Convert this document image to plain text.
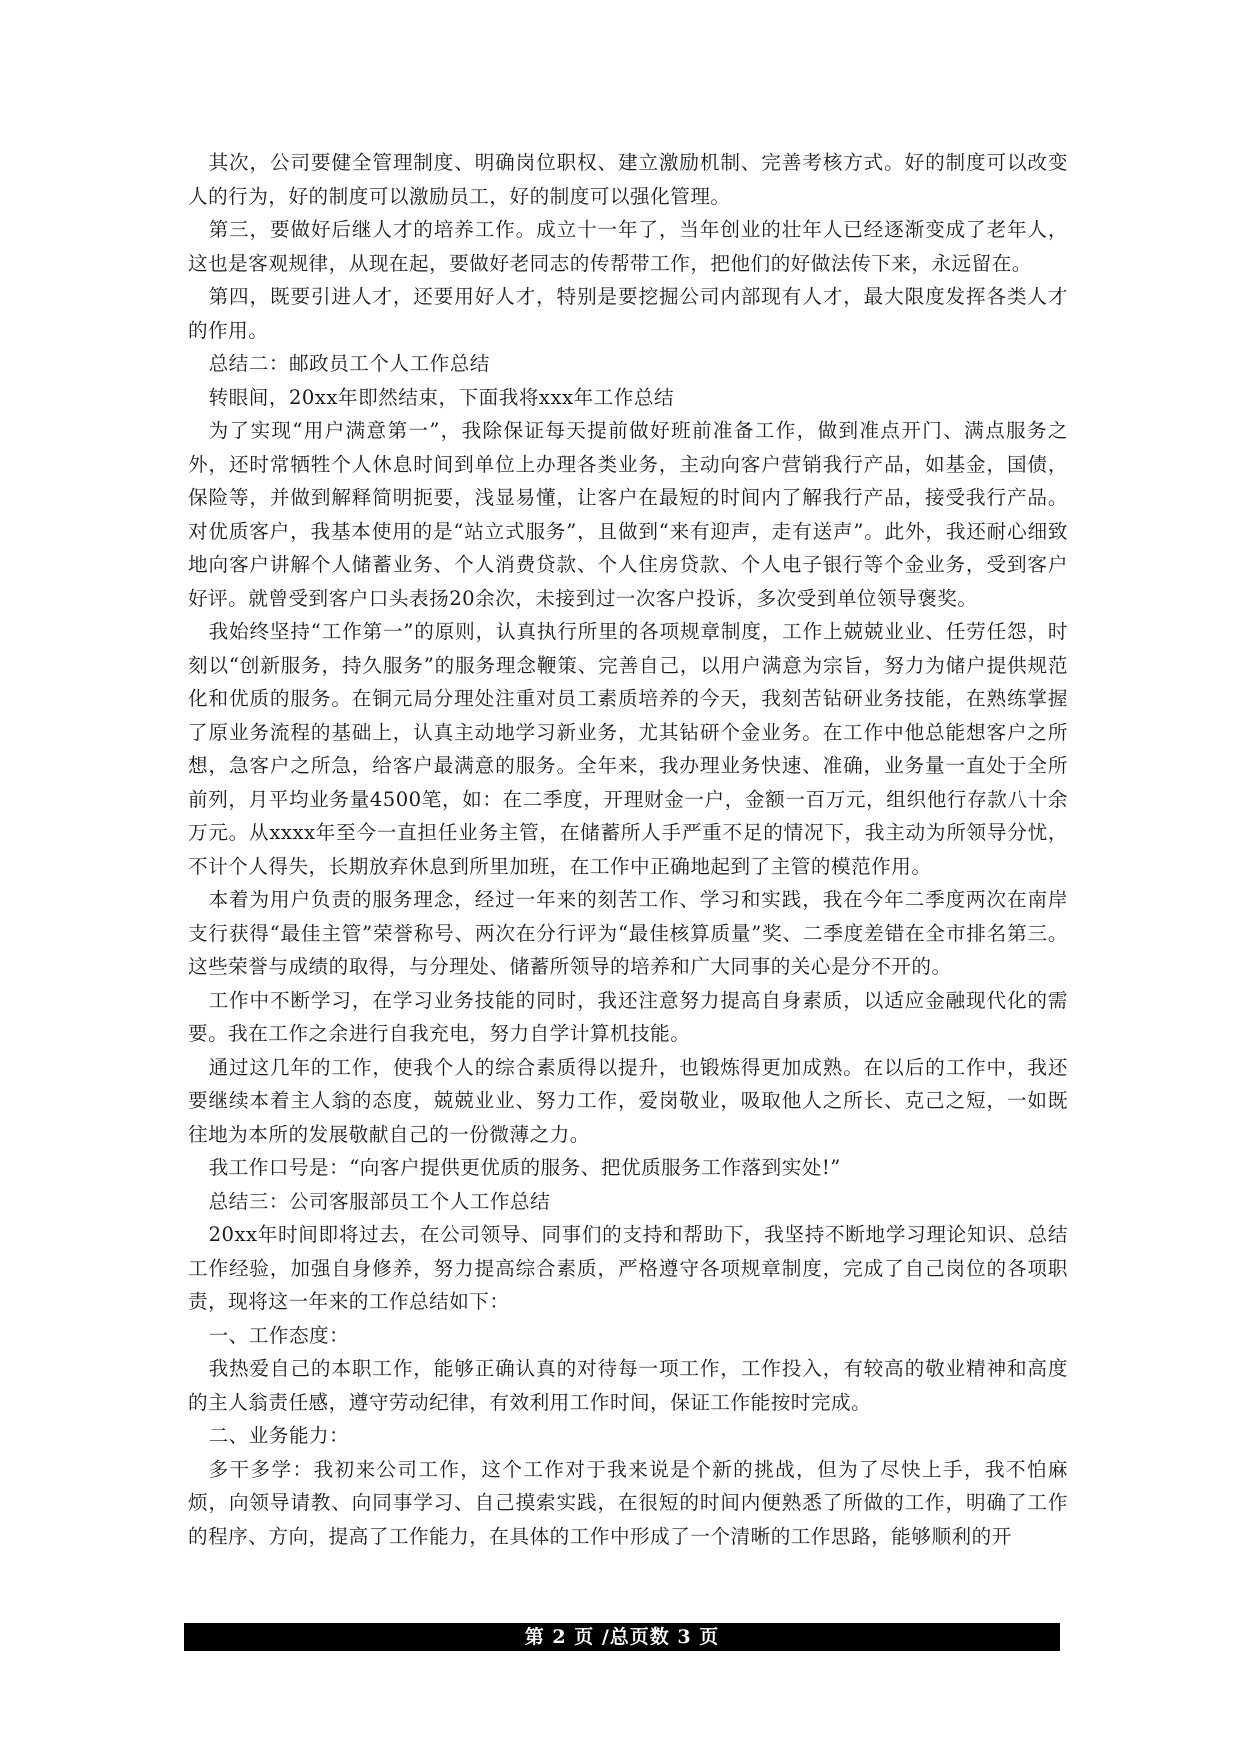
其次，公司要健全管理制度、明确岗位职权、建立激励机制、完善考核方式。好的制度可以改变人的行为，好的制度可以激励员工，好的制度可以强化管理。

第三，要做好后继人才的培养工作。成立十一年了，当年创业的壮年人已经逐渐变成了老年人，这也是客观规律，从现在起，要做好老同志的传帮带工作，把他们的好做法传下来，永远留在。

第四，既要引进人才，还要用好人才，特别是要挖掘公司内部现有人才，最大限度发挥各类人才的作用。

总结二：邮政员工个人工作总结

转眼间，20xx年即然结束，下面我将xxx年工作总结

为了实现“用户满意第一”，我除保证每天提前做好班前准备工作，做到准点开门、满点服务之外，还时常牺牲个人休息时间到单位上办理各类业务，主动向客户营销我行产品，如基金，国债，保险等，并做到解释简明扼要，浅显易懂，让客户在最短的时间内了解我行产品，接受我行产品。对优质客户，我基本使用的是“站立式服务”，且做到“来有迎声，走有送声”。此外，我还耐心细致地向客户讲解个人储蓄业务、个人消费贷款、个人住房贷款、个人电子银行等个金业务，受到客户好评。就曾受到客户口头表扬20余次，未接到过一次客户投诉，多次受到单位领导褒奖。

我始终坚持“工作第一”的原则，认真执行所里的各项规章制度，工作上兢兢业业、任劳任怨，时刻以“创新服务，持久服务”的服务理念鞭策、完善自己，以用户满意为宗旨，努力为储户提供规范化和优质的服务。在铜元局分理处注重对员工素质培养的今天，我刻苦钻研业务技能，在熟练掌握了原业务流程的基础上，认真主动地学习新业务，尤其钻研个金业务。在工作中他总能想客户之所想，急客户之所急，给客户最满意的服务。全年来，我办理业务快速、准确，业务量一直处于全所前列，月平均业务量4500笔，如：在二季度，开理财金一户，金额一百万元，组织他行存款八十余万元。从xxxx年至今一直担任业务主管，在储蓄所人手严重不足的情况下，我主动为所领导分忧，不计个人得失，长期放弃休息到所里加班，在工作中正确地起到了主管的模范作用。

本着为用户负责的服务理念，经过一年来的刻苦工作、学习和实践，我在今年二季度两次在南岸支行获得“最佳主管”荣誉称号、两次在分行评为“最佳核算质量”奖、二季度差错在全市排名第三。这些荣誉与成绩的取得，与分理处、储蓄所领导的培养和广大同事的关心是分不开的。

工作中不断学习，在学习业务技能的同时，我还注意努力提高自身素质，以适应金融现代化的需要。我在工作之余进行自我充电，努力自学计算机技能。

通过这几年的工作，使我个人的综合素质得以提升，也锻炼得更加成熟。在以后的工作中，我还要继续本着主人翁的态度，兢兢业业、努力工作，爱岗敬业，吸取他人之所长、克己之短，一如既往地为本所的发展敬献自己的一份微薄之力。

我工作口号是：“向客户提供更优质的服务、把优质服务工作落到实处!”

总结三：公司客服部员工个人工作总结

20xx年时间即将过去，在公司领导、同事们的支持和帮助下，我坚持不断地学习理论知识、总结工作经验，加强自身修养，努力提高综合素质，严格遵守各项规章制度，完成了自己岗位的各项职责，现将这一年来的工作总结如下：

一、工作态度：

我热爱自己的本职工作，能够正确认真的对待每一项工作，工作投入，有较高的敬业精神和高度的主人翁责任感，遵守劳动纪律，有效利用工作时间，保证工作能按时完成。

二、业务能力：

多干多学：我初来公司工作，这个工作对于我来说是个新的挑战，但为了尽快上手，我不怕麻烦，向领导请教、向同事学习、自己摸索实践，在很短的时间内便熟悉了所做的工作，明确了工作的程序、方向，提高了工作能力，在具体的工作中形成了一个清晰的工作思路，能够顺利的开

第 2 页 /总页数 3 页
